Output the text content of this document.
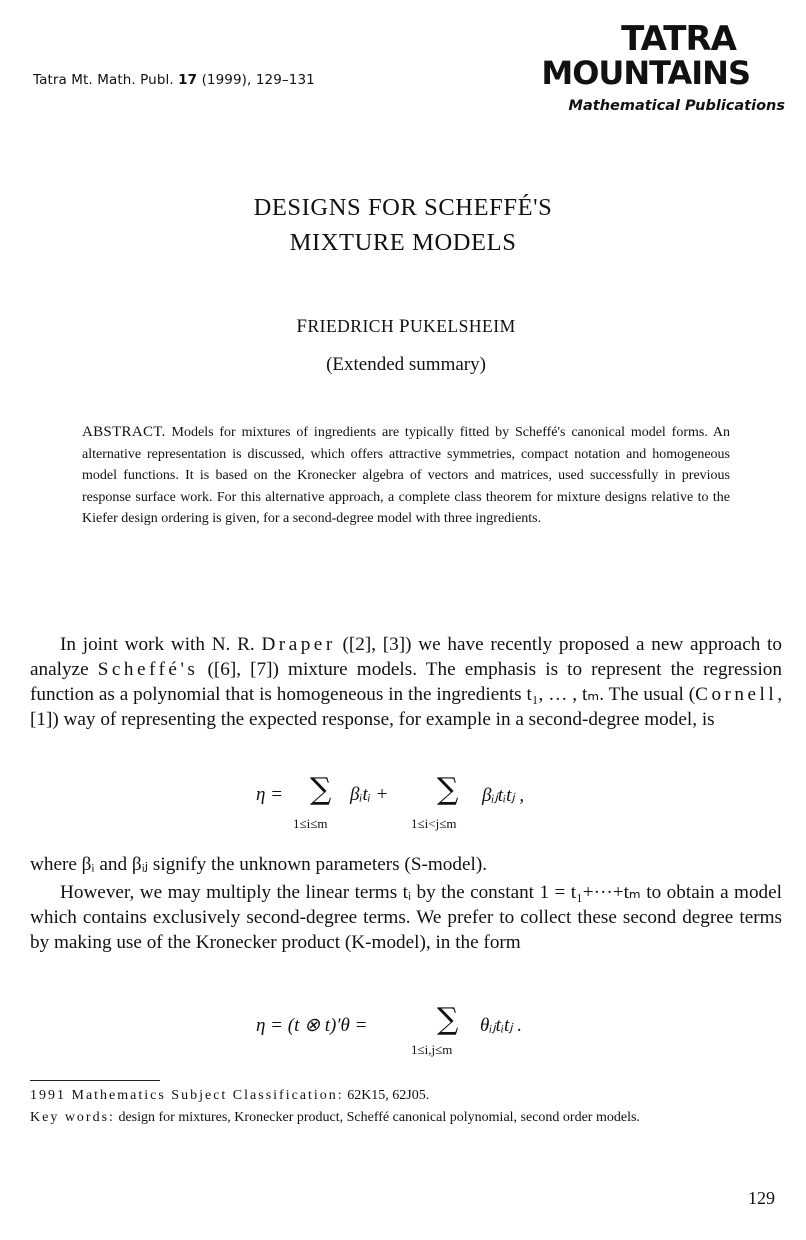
Tatra Mt. Math. Publ. 17 (1999), 129–131
TATRA
MOUNTAINS
Mathematical Publications
DESIGNS FOR SCHEFFÉ'S
MIXTURE MODELS
FRIEDRICH PUKELSHEIM
(Extended summary)
ABSTRACT. Models for mixtures of ingredients are typically fitted by Scheffé's canonical model forms. An alternative representation is discussed, which offers attractive symmetries, compact notation and homogeneous model functions. It is based on the Kronecker algebra of vectors and matrices, used successfully in previous response surface work. For this alternative approach, a complete class theorem for mixture designs relative to the Kiefer design ordering is given, for a second-degree model with three ingredients.
In joint work with N. R. Draper ([2], [3]) we have recently proposed a new approach to analyze Scheffé's ([6], [7]) mixture models. The emphasis is to represent the regression function as a polynomial that is homogeneous in the ingredients t₁, … , tₘ. The usual (Cornell, [1]) way of representing the expected response, for example in a second-degree model, is
η = ∑ βᵢtᵢ + ∑ βᵢⱼtᵢtⱼ ,
1≤i≤m	1≤i<j≤m
where βᵢ and βᵢⱼ signify the unknown parameters (S-model).
However, we may multiply the linear terms tᵢ by the constant 1 = t₁+···+tₘ to obtain a model which contains exclusively second-degree terms. We prefer to collect these second degree terms by making use of the Kronecker product (K-model), in the form
η = (t ⊗ t)′θ = ∑ θᵢⱼtᵢtⱼ .
1≤i,j≤m
1991 Mathematics Subject Classification: 62K15, 62J05.
Key words: design for mixtures, Kronecker product, Scheffé canonical polynomial, second order models.
129
